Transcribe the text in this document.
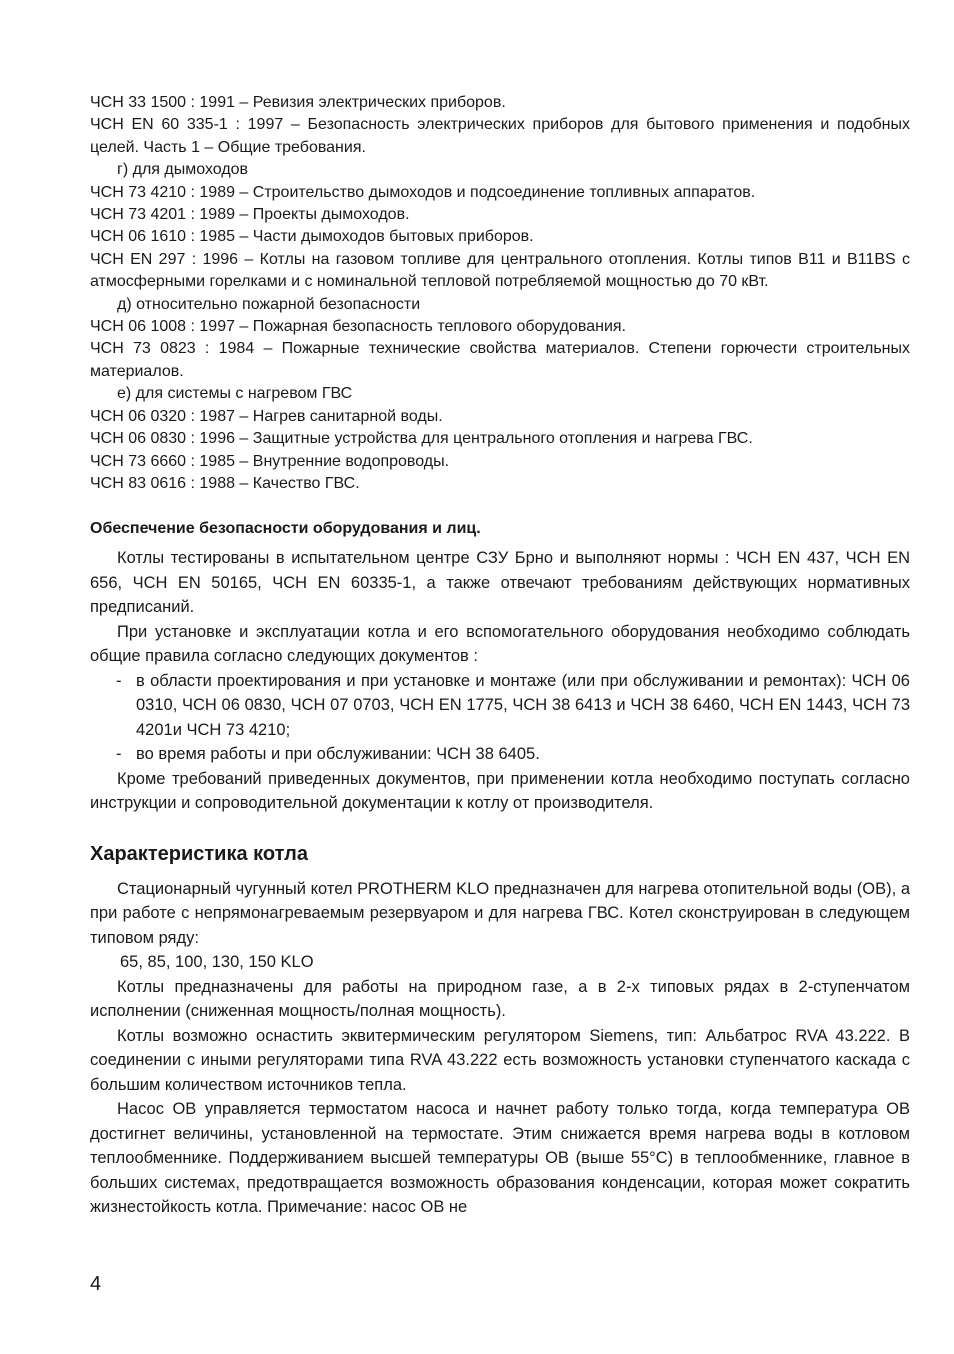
ЧСН 33 1500 : 1991 – Ревизия электрических приборов.

ЧСН EN 60 335-1 : 1997 – Безопасность электрических приборов для бытового применения и подобных целей. Часть 1 – Общие требования.

г) для дымоходов

ЧСН 73 4210 : 1989 – Строительство дымоходов и подсоединение топливных аппаратов.

ЧСН 73 4201 : 1989 – Проекты дымоходов.

ЧСН 06 1610 : 1985 – Части дымоходов бытовых приборов.

ЧСН EN 297 : 1996 – Котлы на газовом топливе для центрального отопления. Котлы типов B11 и B11BS с атмосферными горелками и с номинальной тепловой потребляемой мощностью до 70 кВт.

д) относительно пожарной безопасности

ЧСН 06 1008 : 1997 – Пожарная безопасность теплового оборудования.

ЧСН 73 0823 : 1984 – Пожарные технические свойства материалов. Степени горючести строительных материалов.

е) для системы с нагревом ГВС

ЧСН 06 0320 : 1987 – Нагрев санитарной воды.

ЧСН 06 0830 : 1996 – Защитные устройства для центрального отопления и нагрева ГВС.

ЧСН 73 6660 : 1985 – Внутренние водопроводы.

ЧСН 83 0616 : 1988 – Качество ГВС.

Обеспечение безопасности оборудования и лиц.

Котлы тестированы в испытательном центре СЗУ Брно и выполняют нормы : ЧСН EN 437, ЧСН EN 656, ЧСН EN 50165, ЧСН EN 60335-1, а также отвечают требованиям действующих нормативных предписаний.

При установке и эксплуатации котла и его вспомогательного оборудования необходимо соблюдать общие правила согласно следующих документов :

- в области проектирования и при установке и монтаже (или при обслуживании и ремонтах): ЧСН 06 0310, ЧСН 06 0830, ЧСН 07 0703, ЧСН EN 1775, ЧСН 38 6413 и ЧСН 38 6460, ЧСН EN 1443, ЧСН 73 4201и ЧСН 73 4210;
- во время работы и при обслуживании: ЧСН 38 6405.

Кроме требований приведенных документов, при применении котла необходимо поступать согласно инструкции и сопроводительной документации к котлу от производителя.

Характеристика котла

Стационарный чугунный котел PROTHERM KLO предназначен для нагрева отопительной воды (ОВ), а при работе с непрямонагреваемым резервуаром и для нагрева ГВС. Котел сконструирован в следующем типовом ряду:

65, 85, 100, 130, 150 KLO

Котлы предназначены для работы на природном газе, а в 2-х типовых рядах в 2-ступенчатом исполнении (сниженная мощность/полная мощность).

Котлы возможно оснастить эквитермическим регулятором Siemens, тип: Альбатрос RVA 43.222. В соединении с иными регуляторами типа RVA 43.222 есть возможность установки ступенчатого каскада с большим количеством источников тепла.

Насос ОВ управляется термостатом насоса и начнет работу только тогда, когда температура ОВ достигнет величины, установленной на термостате. Этим снижается время нагрева воды в котловом теплообменнике. Поддерживанием высшей температуры ОВ (выше 55°С) в теплообменнике, главное в больших системах, предотвращается возможность образования конденсации, которая может сократить жизнестойкость котла. Примечание: насос ОВ не

4
